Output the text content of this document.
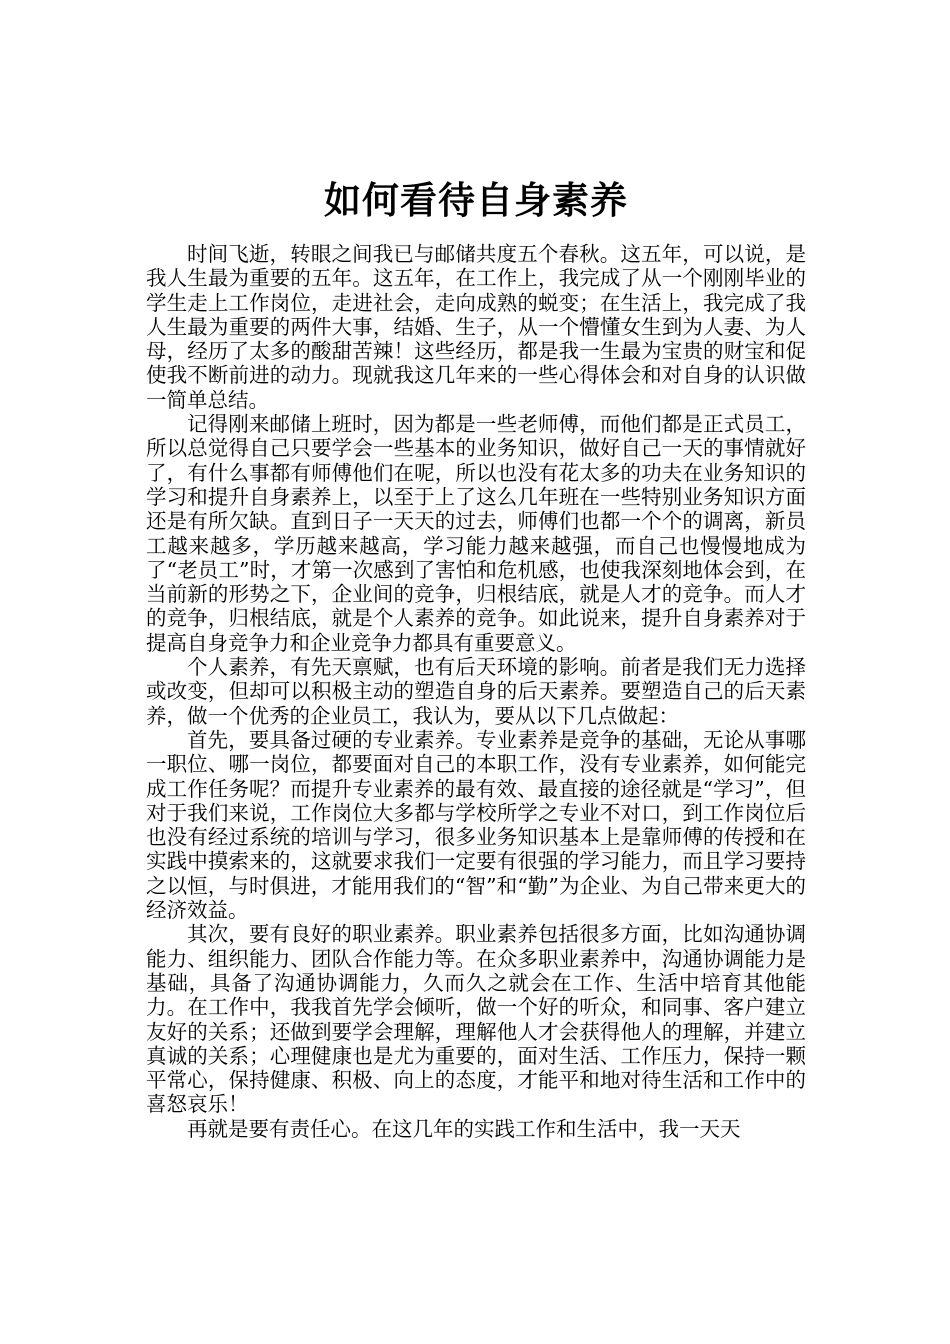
如何看待自身素养

时间飞逝，转眼之间我已与邮储共度五个春秋。这五年，可以说，是我人生最为重要的五年。这五年，在工作上，我完成了从一个刚刚毕业的学生走上工作岗位，走进社会，走向成熟的蜕变；在生活上，我完成了我人生最为重要的两件大事，结婚、生子，从一个懵懂女生到为人妻、为人母，经历了太多的酸甜苦辣！这些经历，都是我一生最为宝贵的财宝和促使我不断前进的动力。现就我这几年来的一些心得体会和对自身的认识做一简单总结。

记得刚来邮储上班时，因为都是一些老师傅，而他们都是正式员工，所以总觉得自己只要学会一些基本的业务知识，做好自己一天的事情就好了，有什么事都有师傅他们在呢，所以也没有花太多的功夫在业务知识的学习和提升自身素养上，以至于上了这么几年班在一些特别业务知识方面还是有所欠缺。直到日子一天天的过去，师傅们也都一个个的调离，新员工越来越多，学历越来越高，学习能力越来越强，而自己也慢慢地成为了“老员工”时，才第一次感到了害怕和危机感，也使我深刻地体会到，在当前新的形势之下，企业间的竞争，归根结底，就是人才的竞争。而人才的竞争，归根结底，就是个人素养的竞争。如此说来，提升自身素养对于提高自身竞争力和企业竞争力都具有重要意义。

个人素养，有先天禀赋，也有后天环境的影响。前者是我们无力选择或改变，但却可以积极主动的塑造自身的后天素养。要塑造自己的后天素养，做一个优秀的企业员工，我认为，要从以下几点做起：

首先，要具备过硬的专业素养。专业素养是竞争的基础，无论从事哪一职位、哪一岗位，都要面对自己的本职工作，没有专业素养，如何能完成工作任务呢？而提升专业素养的最有效、最直接的途径就是“学习”，但对于我们来说，工作岗位大多都与学校所学之专业不对口，到工作岗位后也没有经过系统的培训与学习，很多业务知识基本上是靠师傅的传授和在实践中摸索来的，这就要求我们一定要有很强的学习能力，而且学习要持之以恒，与时俱进，才能用我们的“智”和“勤”为企业、为自己带来更大的经济效益。

其次，要有良好的职业素养。职业素养包括很多方面，比如沟通协调能力、组织能力、团队合作能力等。在众多职业素养中，沟通协调能力是基础，具备了沟通协调能力，久而久之就会在工作、生活中培育其他能力。在工作中，我我首先学会倾听，做一个好的听众，和同事、客户建立友好的关系；还做到要学会理解，理解他人才会获得他人的理解，并建立真诚的关系；心理健康也是尤为重要的，面对生活、工作压力，保持一颗平常心，保持健康、积极、向上的态度，才能平和地对待生活和工作中的喜怒哀乐！

再就是要有责任心。在这几年的实践工作和生活中，我一天天
